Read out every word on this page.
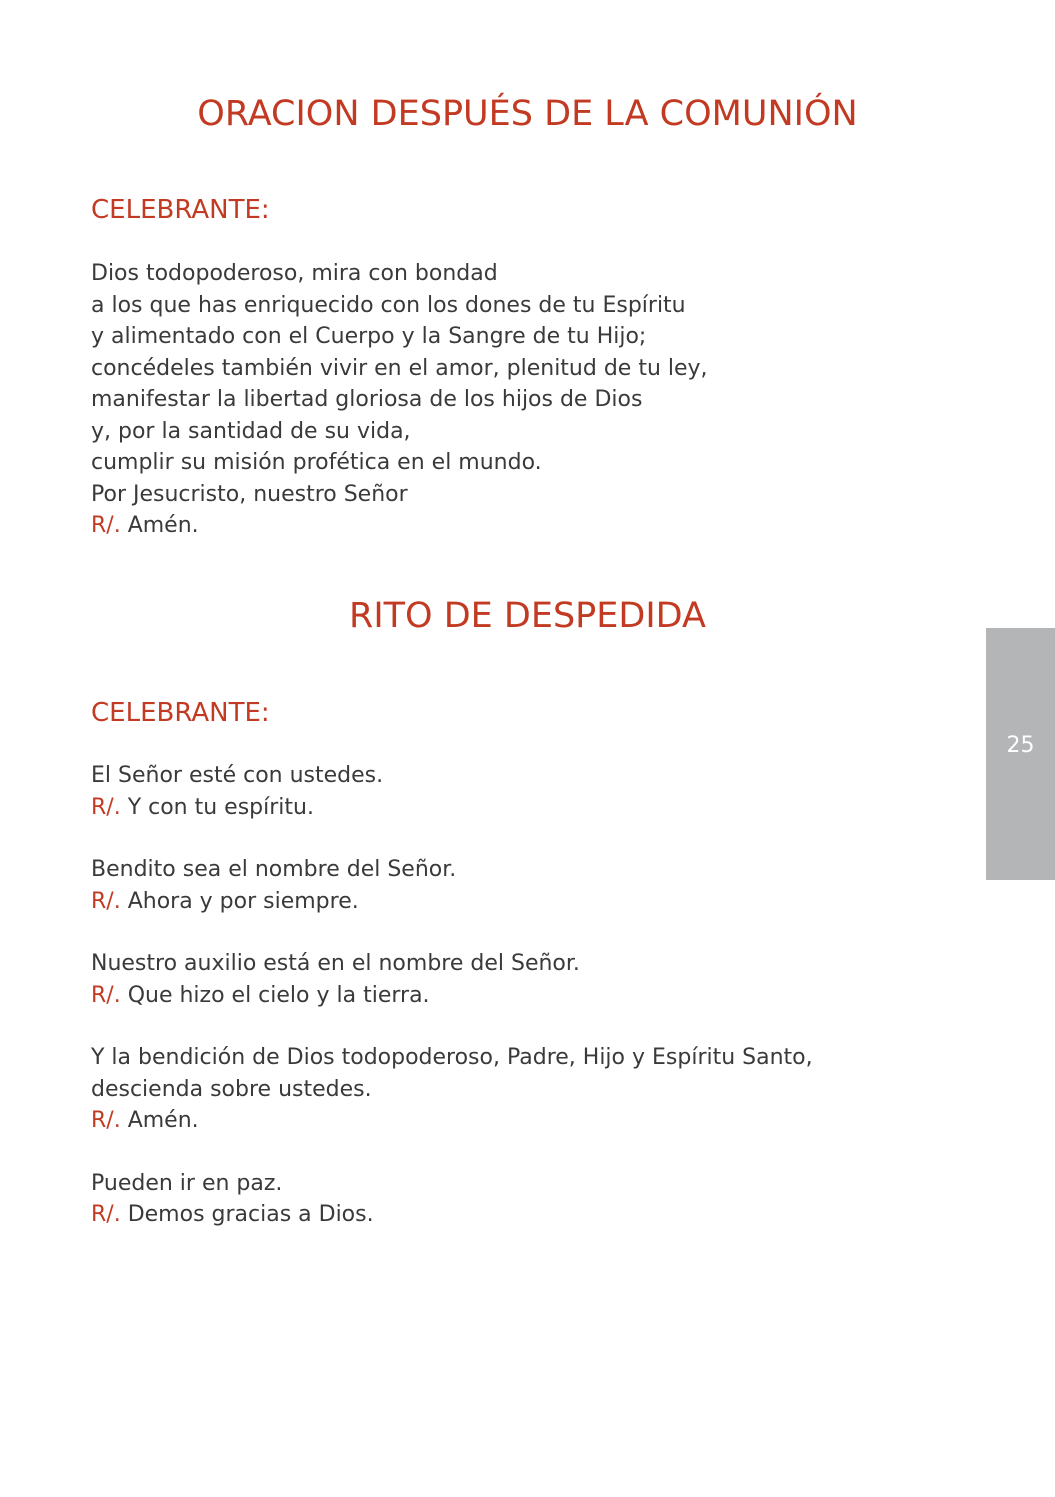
ORACION DESPUÉS DE LA COMUNIÓN
CELEBRANTE:
Dios todopoderoso, mira con bondad
a los que has enriquecido con los dones de tu Espíritu
y alimentado con el Cuerpo y la Sangre de tu Hijo;
concédeles también vivir en el amor, plenitud de tu ley,
manifestar la libertad gloriosa de los hijos de Dios
y, por la santidad de su vida,
cumplir su misión profética en el mundo.
Por Jesucristo, nuestro Señor
R/. Amén.
RITO DE DESPEDIDA
CELEBRANTE:
El Señor esté con ustedes.
R/. Y con tu espíritu.
Bendito sea el nombre del Señor.
R/. Ahora y por siempre.
Nuestro auxilio está en el nombre del Señor.
R/. Que hizo el cielo y la tierra.
Y la bendición de Dios todopoderoso, Padre, Hijo y Espíritu Santo,
descienda sobre ustedes.
R/. Amén.
Pueden ir en paz.
R/. Demos gracias a Dios.
25
